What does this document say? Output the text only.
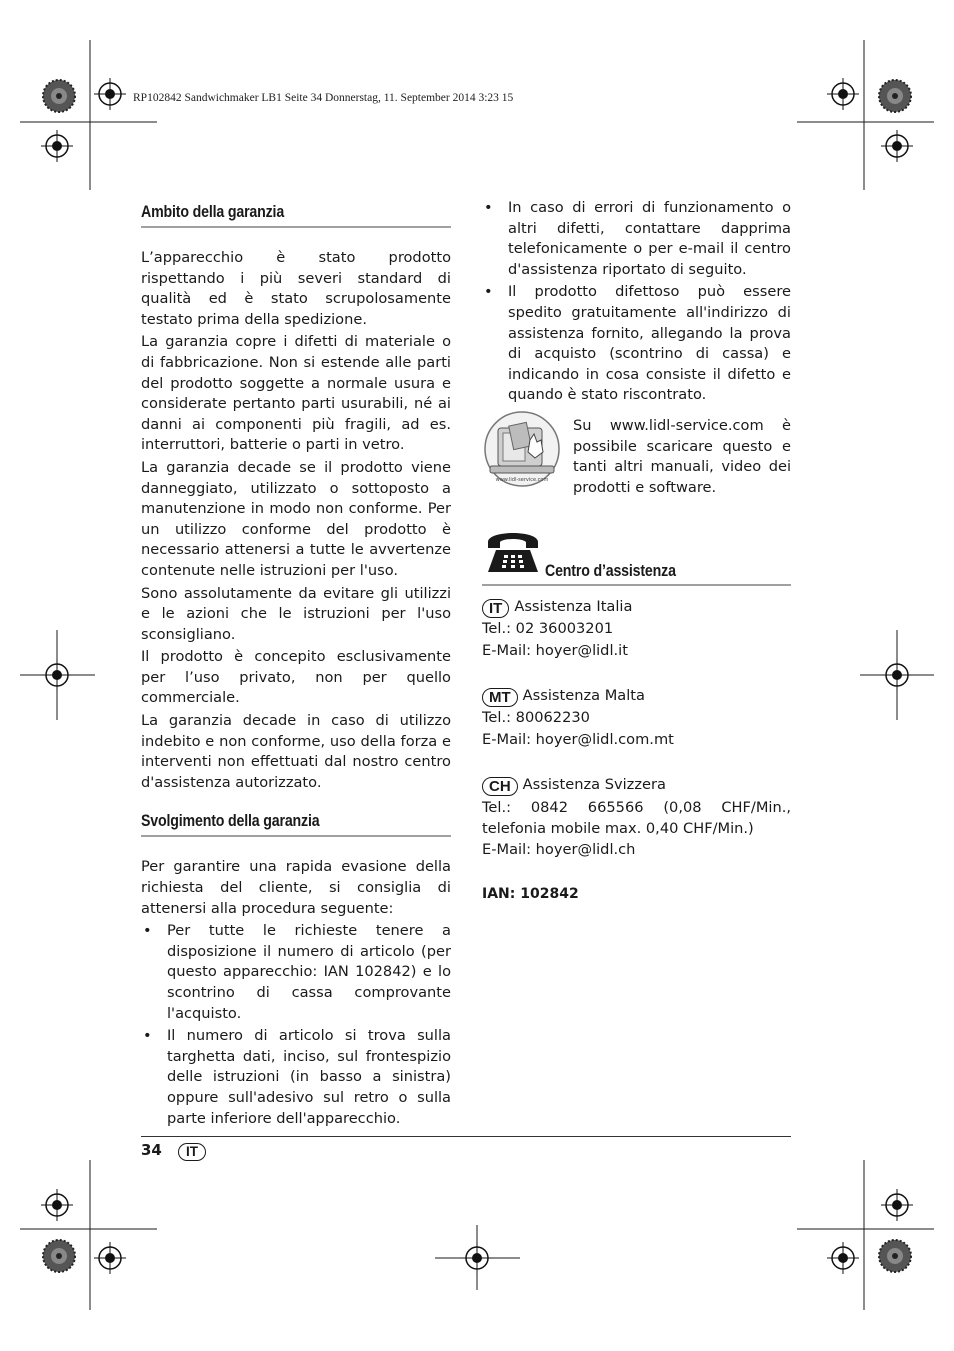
RP102842 Sandwichmaker LB1 Seite 34 Donnerstag, 11. September 2014 3:23 15
Ambito della garanzia

L’apparecchio è stato prodotto rispettando i più severi standard di qualità ed è stato scrupolosamente testato prima della spedizione.

La garanzia copre i difetti di materiale o di fabbricazione. Non si estende alle parti del prodotto soggette a normale usura e considerate pertanto parti usurabili, né ai danni ai componenti più fragili, ad es. interruttori, batterie o parti in vetro.

La garanzia decade se il prodotto viene danneggiato, utilizzato o sottoposto a manutenzione in modo non conforme. Per un utilizzo conforme del prodotto è necessario attenersi a tutte le avvertenze contenute nelle istruzioni per l'uso.

Sono assolutamente da evitare gli utilizzi e le azioni che le istruzioni per l'uso sconsigliano.

Il prodotto è concepito esclusivamente per l’uso privato, non per quello commerciale.

La garanzia decade in caso di utilizzo indebito e non conforme, uso della forza e interventi non effettuati dal nostro centro d'assistenza autorizzato.

Svolgimento della garanzia

Per garantire una rapida evasione della richiesta del cliente, si consiglia di attenersi alla procedura seguente:

• Per tutte le richieste tenere a disposizione il numero di articolo (per questo apparecchio: IAN 102842) e lo scontrino di cassa comprovante l'acquisto.
• Il numero di articolo si trova sulla targhetta dati, inciso, sul frontespizio delle istruzioni (in basso a sinistra) oppure sull'adesivo sul retro o sulla parte inferiore dell'apparecchio.
• In caso di errori di funzionamento o altri difetti, contattare dapprima telefonicamente o per e-mail il centro d'assistenza riportato di seguito.
• Il prodotto difettoso può essere spedito gratuitamente all'indirizzo di assistenza fornito, allegando la prova di acquisto (scontrino di cassa) e indicando in cosa consiste il difetto e quando è stato riscontrato.
www.lidl-service.com

Su www.lidl-service.com è possibile scaricare questo e tanti altri manuali, video dei prodotti e software.

Centro d’assistenza
IT Assistenza Italia
Tel.: 02 36003201
E-Mail: hoyer@lidl.it
MT Assistenza Malta
Tel.: 80062230
E-Mail: hoyer@lidl.com.mt
CH Assistenza Svizzera

Tel.: 0842 665566 (0,08 CHF/Min., telefonia mobile max. 0,40 CHF/Min.)

E-Mail: hoyer@lidl.ch
IAN: 102842
34	IT
